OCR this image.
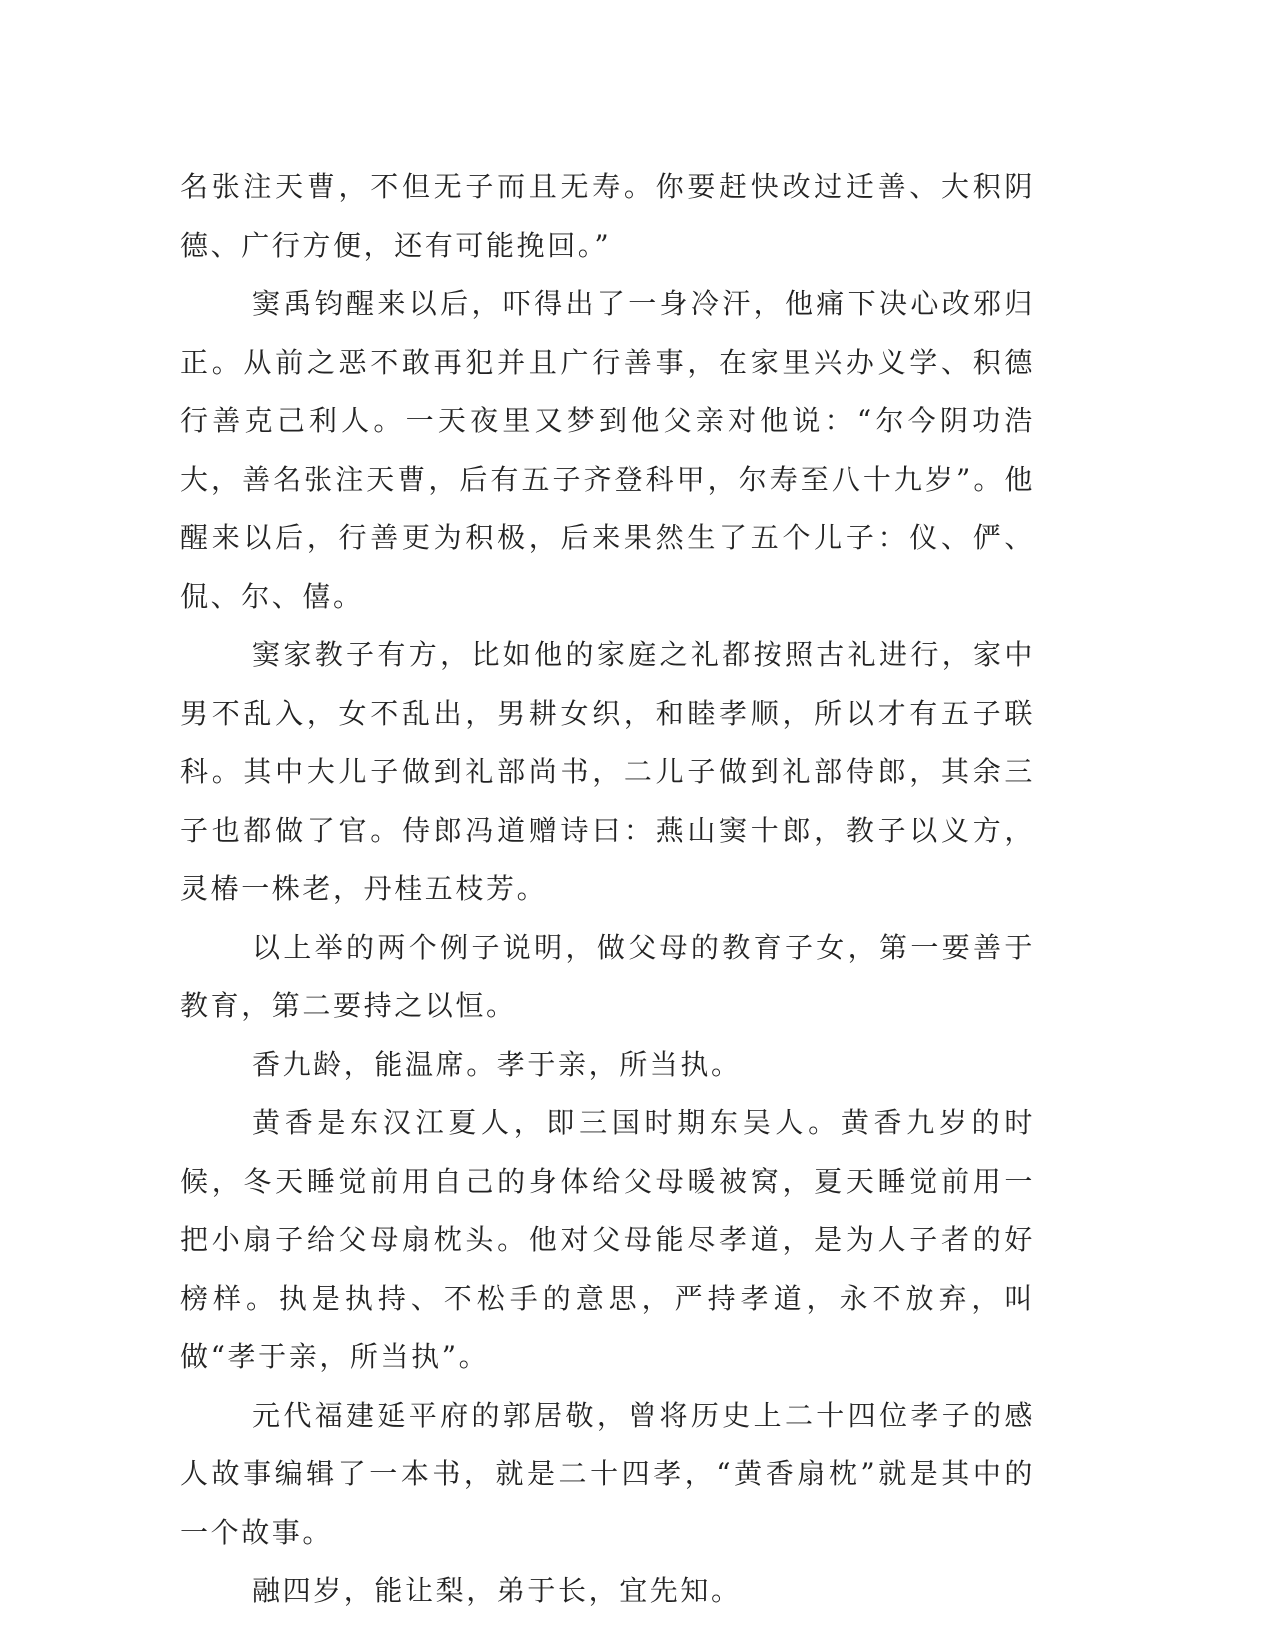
名张注天曹，不但无子而且无寿。你要赶快改过迁善、大积阴德、广行方便，还有可能挽回。”

窦禹钧醒来以后，吓得出了一身冷汗，他痛下决心改邪归正。从前之恶不敢再犯并且广行善事，在家里兴办义学、积德行善克己利人。一天夜里又梦到他父亲对他说：“尔今阴功浩大，善名张注天曹，后有五子齐登科甲，尔寿至八十九岁”。他醒来以后，行善更为积极，后来果然生了五个儿子：仪、俨、侃、尔、僖。

窦家教子有方，比如他的家庭之礼都按照古礼进行，家中男不乱入，女不乱出，男耕女织，和睦孝顺，所以才有五子联科。其中大儿子做到礼部尚书，二儿子做到礼部侍郎，其余三子也都做了官。侍郎冯道赠诗曰：燕山窦十郎，教子以义方，灵椿一株老，丹桂五枝芳。

以上举的两个例子说明，做父母的教育子女，第一要善于教育，第二要持之以恒。

香九龄，能温席。孝于亲，所当执。

黄香是东汉江夏人，即三国时期东吴人。黄香九岁的时候，冬天睡觉前用自己的身体给父母暖被窝，夏天睡觉前用一把小扇子给父母扇枕头。他对父母能尽孝道，是为人子者的好榜样。执是执持、不松手的意思，严持孝道，永不放弃，叫做“孝于亲，所当执”。

元代福建延平府的郭居敬，曾将历史上二十四位孝子的感人故事编辑了一本书，就是二十四孝，“黄香扇枕”就是其中的一个故事。

融四岁，能让梨，弟于长，宜先知。
